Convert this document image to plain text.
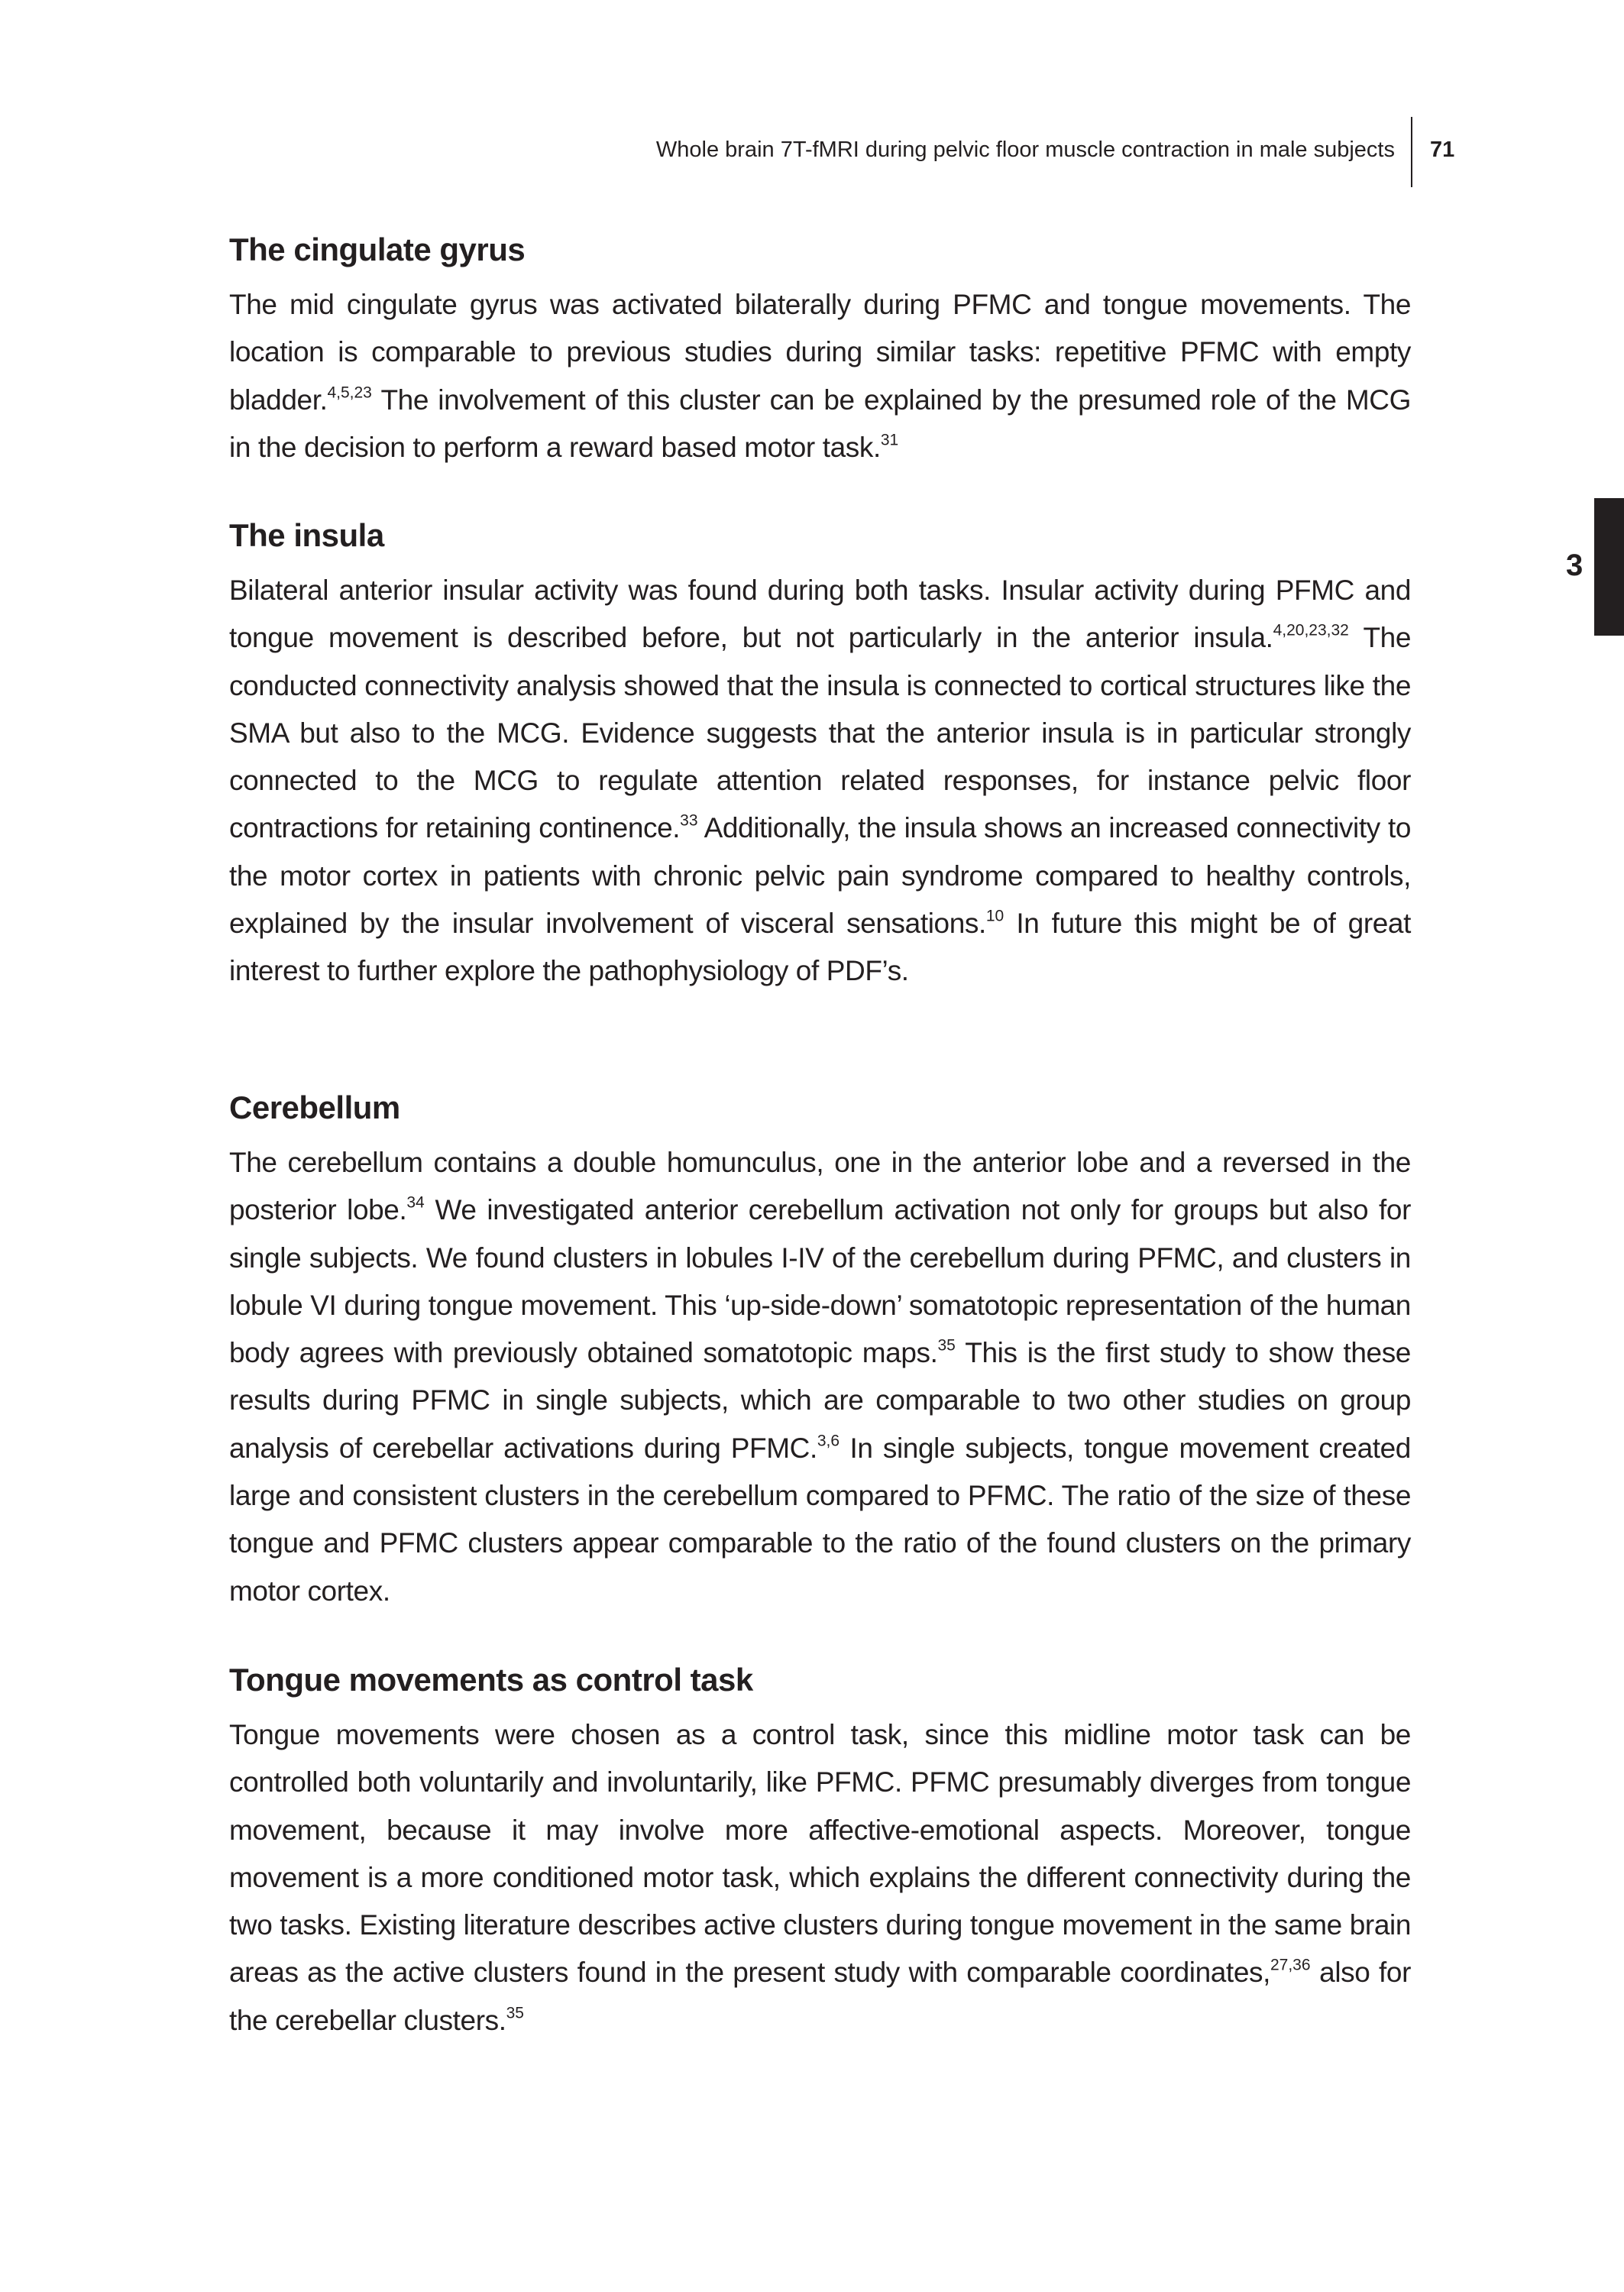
Whole brain 7T-fMRI during pelvic floor muscle contraction in male subjects 71
3
The cingulate gyrus

The mid cingulate gyrus was activated bilaterally during PFMC and tongue movements. The location is comparable to previous studies during similar tasks: repetitive PFMC with empty bladder.$^{4,5,23}$ The involvement of this cluster can be explained by the presumed role of the MCG in the decision to perform a reward based motor task.$^{31}$

The insula

Bilateral anterior insular activity was found during both tasks. Insular activity during PFMC and tongue movement is described before, but not particularly in the anterior insula.$^{4,20,23,32}$ The conducted connectivity analysis showed that the insula is connected to cortical structures like the SMA but also to the MCG. Evidence suggests that the anterior insula is in particular strongly connected to the MCG to regulate attention related responses, for instance pelvic floor contractions for retaining continence.$^{33}$ Additionally, the insula shows an increased connectivity to the motor cortex in patients with chronic pelvic pain syndrome compared to healthy controls, explained by the insular involvement of visceral sensations.$^{10}$ In future this might be of great interest to further explore the pathophysiology of PDF’s.

Cerebellum

The cerebellum contains a double homunculus, one in the anterior lobe and a reversed in the posterior lobe.$^{34}$ We investigated anterior cerebellum activation not only for groups but also for single subjects. We found clusters in lobules I-IV of the cerebellum during PFMC, and clusters in lobule VI during tongue movement. This ‘up-side-down’ somatotopic representation of the human body agrees with previously obtained somatotopic maps.$^{35}$ This is the first study to show these results during PFMC in single subjects, which are comparable to two other studies on group analysis of cerebellar activations during PFMC.$^{3,6}$ In single subjects, tongue movement created large and consistent clusters in the cerebellum compared to PFMC. The ratio of the size of these tongue and PFMC clusters appear comparable to the ratio of the found clusters on the primary motor cortex.

Tongue movements as control task

Tongue movements were chosen as a control task, since this midline motor task can be controlled both voluntarily and involuntarily, like PFMC. PFMC presumably diverges from tongue movement, because it may involve more affective-emotional aspects. Moreover, tongue movement is a more conditioned motor task, which explains the different connectivity during the two tasks. Existing literature describes active clusters during tongue movement in the same brain areas as the active clusters found in the present study with comparable coordinates,$^{27,36}$ also for the cerebellar clusters.$^{35}$
